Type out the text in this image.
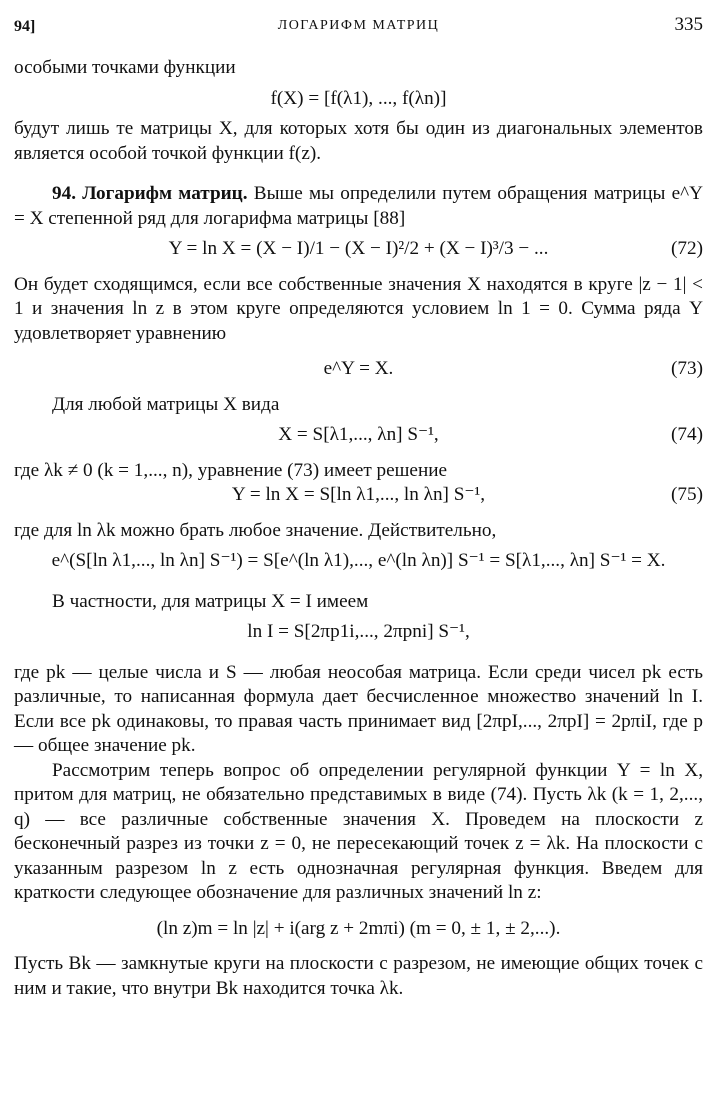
94]	ЛОГАРИФМ МАТРИЦ	335

особыми точками функции

f(X) = [f(λ1), ..., f(λn)]

будут лишь те матрицы X, для которых хотя бы один из диагональных элементов является особой точкой функции f(z).

94. Логарифм матриц. Выше мы определили путем обращения матрицы e^Y = X степенной ряд для логарифма матрицы [88]

Y = ln X = (X − I)/1 − (X − I)²/2 + (X − I)³/3 − ...	(72)

Он будет сходящимся, если все собственные значения X находятся в круге |z − 1| < 1 и значения ln z в этом круге определяются условием ln 1 = 0. Сумма ряда Y удовлетворяет уравнению

e^Y = X.	(73)

Для любой матрицы X вида

X = S[λ1,..., λn] S⁻¹,	(74)

где λk ≠ 0 (k = 1,..., n), уравнение (73) имеет решение

Y = ln X = S[ln λ1,..., ln λn] S⁻¹,	(75)

где для ln λk можно брать любое значение. Действительно,

e^(S[ln λ1,..., ln λn] S⁻¹) = S[e^(ln λ1),..., e^(ln λn)] S⁻¹ = S[λ1,..., λn] S⁻¹ = X.

В частности, для матрицы X = I имеем

ln I = S[2πp1i,..., 2πpni] S⁻¹,

где pk — целые числа и S — любая неособая матрица. Если среди чисел pk есть различные, то написанная формула дает бесчисленное множество значений ln I. Если все pk одинаковы, то правая часть принимает вид [2πpI,..., 2πpI] = 2pπiI, где p — общее значение pk.

Рассмотрим теперь вопрос об определении регулярной функции Y = ln X, притом для матриц, не обязательно представимых в виде (74). Пусть λk (k = 1, 2,..., q) — все различные собственные значения X. Проведем на плоскости z бесконечный разрез из точки z = 0, не пересекающий точек z = λk. На плоскости с указанным разрезом ln z есть однозначная регулярная функция. Введем для краткости следующее обозначение для различных значений ln z:

(ln z)m = ln |z| + i(arg z + 2mπi) (m = 0, ± 1, ± 2,...).

Пусть Bk — замкнутые круги на плоскости с разрезом, не имеющие общих точек с ним и такие, что внутри Bk находится точка λk.
